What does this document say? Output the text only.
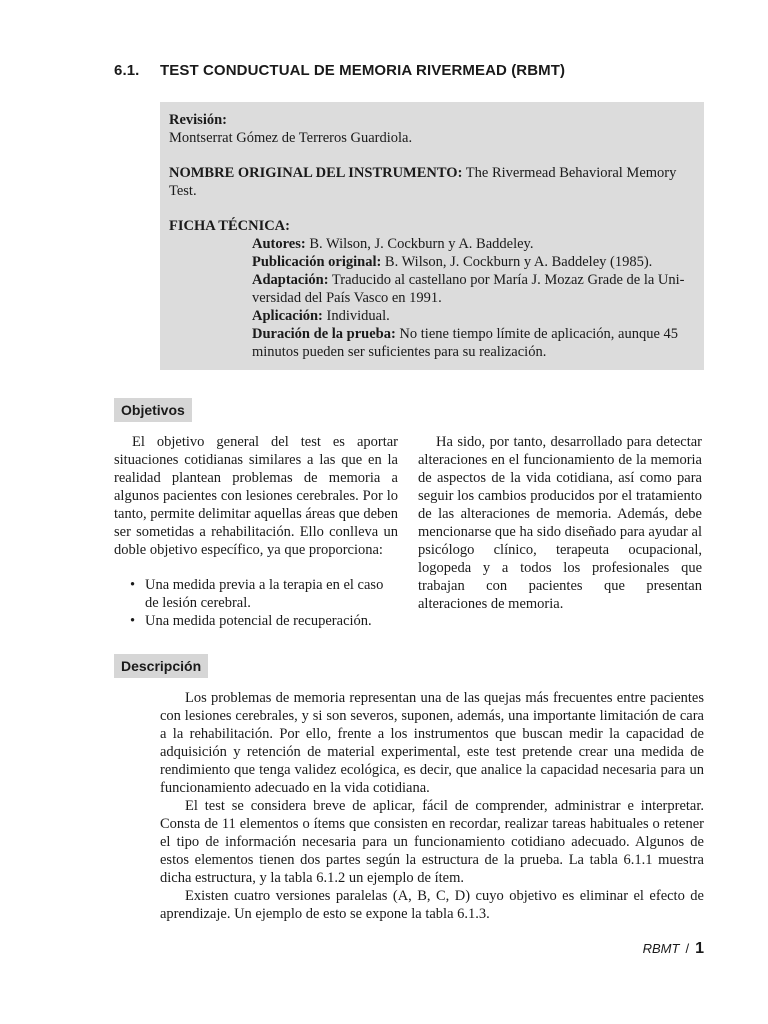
6.1. TEST CONDUCTUAL DE MEMORIA RIVERMEAD (RBMT)

Revisión:

Montserrat Gómez de Terreros Guardiola.

NOMBRE ORIGINAL DEL INSTRUMENTO: The Rivermead Behavioral Memory

Test.

FICHA TÉCNICA:

Autores: B. Wilson, J. Cockburn y A. Baddeley.

Publicación original: B. Wilson, J. Cockburn y A. Baddeley (1985).

Adaptación: Traducido al castellano por María J. Mozaz Grade de la Uni-

versidad del País Vasco en 1991.

Aplicación: Individual.

Duración de la prueba: No tiene tiempo límite de aplicación, aunque 45

minutos pueden ser suficientes para su realización.

Objetivos

El objetivo general del test es aportar situaciones cotidianas similares a las que en la realidad plantean problemas de memoria a algunos pacientes con lesiones cerebrales. Por lo tanto, permite delimitar aquellas áreas que deben ser sometidas a rehabilitación. Ello conlleva un doble objetivo específico, ya que proporciona:

• Una medida previa a la terapia en el caso de lesión cerebral.
• Una medida potencial de recuperación.

Ha sido, por tanto, desarrollado para detectar alteraciones en el funcionamiento de la memoria de aspectos de la vida cotidiana, así como para seguir los cambios producidos por el tratamiento de las alteraciones de memoria. Además, debe mencionarse que ha sido diseñado para ayudar al psicólogo clínico, terapeuta ocupacional, logopeda y a todos los profesionales que trabajan con pacientes que presentan alteraciones de memoria.

Descripción

Los problemas de memoria representan una de las quejas más frecuentes entre pacientes con lesiones cerebrales, y si son severos, suponen, además, una importante limitación de cara a la rehabilitación. Por ello, frente a los instrumentos que buscan medir la capacidad de adquisición y retención de material experimental, este test pretende crear una medida de rendimiento que tenga validez ecológica, es decir, que analice la capacidad necesaria para un funcionamiento adecuado en la vida cotidiana.

El test se considera breve de aplicar, fácil de comprender, administrar e interpretar. Consta de 11 elementos o ítems que consisten en recordar, realizar tareas habituales o retener el tipo de información necesaria para un funcionamiento cotidiano adecuado. Algunos de estos elementos tienen dos partes según la estructura de la prueba. La tabla 6.1.1 muestra dicha estructura, y la tabla 6.1.2 un ejemplo de ítem.

Existen cuatro versiones paralelas (A, B, C, D) cuyo objetivo es eliminar el efecto de aprendizaje. Un ejemplo de esto se expone la tabla 6.1.3.

RBMT / 1
